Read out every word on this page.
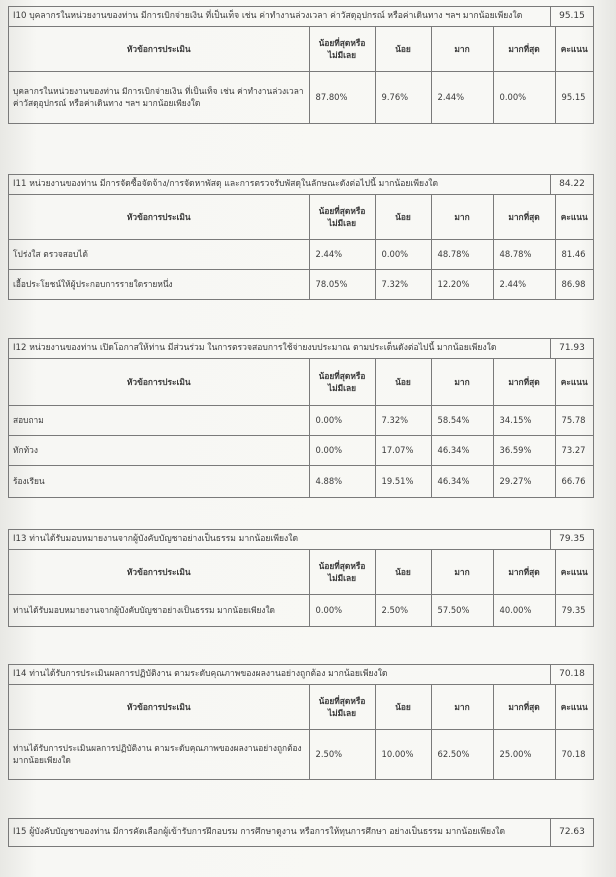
I10 บุคลากรในหน่วยงานของท่าน มีการเบิกจ่ายเงิน ที่เป็นเท็จ เช่น ค่าทำงานล่วงเวลา ค่าวัสดุอุปกรณ์ หรือค่าเดินทาง ฯลฯ มากน้อยเพียงใด	95.15
หัวข้อการประเมิน	น้อยที่สุดหรือไม่มีเลย	น้อย	มาก	มากที่สุด	คะแนน
บุคลากรในหน่วยงานของท่าน มีการเบิกจ่ายเงิน ที่เป็นเท็จ เช่น ค่าทำงานล่วงเวลา ค่าวัสดุอุปกรณ์ หรือค่าเดินทาง ฯลฯ มากน้อยเพียงใด	87.80%	9.76%	2.44%	0.00%	95.15
I11 หน่วยงานของท่าน มีการจัดซื้อจัดจ้าง/การจัดหาพัสดุ และการตรวจรับพัสดุในลักษณะดังต่อไปนี้ มากน้อยเพียงใด	84.22
หัวข้อการประเมิน	น้อยที่สุดหรือไม่มีเลย	น้อย	มาก	มากที่สุด	คะแนน
โปร่งใส ตรวจสอบได้	2.44%	0.00%	48.78%	48.78%	81.46
เอื้อประโยชน์ให้ผู้ประกอบการรายใดรายหนึ่ง	78.05%	7.32%	12.20%	2.44%	86.98
I12 หน่วยงานของท่าน เปิดโอกาสให้ท่าน มีส่วนร่วม ในการตรวจสอบการใช้จ่ายงบประมาณ ตามประเด็นดังต่อไปนี้ มากน้อยเพียงใด	71.93
หัวข้อการประเมิน	น้อยที่สุดหรือไม่มีเลย	น้อย	มาก	มากที่สุด	คะแนน
สอบถาม	0.00%	7.32%	58.54%	34.15%	75.78
ทักท้วง	0.00%	17.07%	46.34%	36.59%	73.27
ร้องเรียน	4.88%	19.51%	46.34%	29.27%	66.76
I13 ท่านได้รับมอบหมายงานจากผู้บังคับบัญชาอย่างเป็นธรรม มากน้อยเพียงใด	79.35
หัวข้อการประเมิน	น้อยที่สุดหรือไม่มีเลย	น้อย	มาก	มากที่สุด	คะแนน
ท่านได้รับมอบหมายงานจากผู้บังคับบัญชาอย่างเป็นธรรม มากน้อยเพียงใด	0.00%	2.50%	57.50%	40.00%	79.35
I14 ท่านได้รับการประเมินผลการปฏิบัติงาน ตามระดับคุณภาพของผลงานอย่างถูกต้อง มากน้อยเพียงใด	70.18
หัวข้อการประเมิน	น้อยที่สุดหรือไม่มีเลย	น้อย	มาก	มากที่สุด	คะแนน
ท่านได้รับการประเมินผลการปฏิบัติงาน ตามระดับคุณภาพของผลงานอย่างถูกต้อง มากน้อยเพียงใด	2.50%	10.00%	62.50%	25.00%	70.18
I15 ผู้บังคับบัญชาของท่าน มีการคัดเลือกผู้เข้ารับการฝึกอบรม การศึกษาดูงาน หรือการให้ทุนการศึกษา อย่างเป็นธรรม มากน้อยเพียงใด	72.63
